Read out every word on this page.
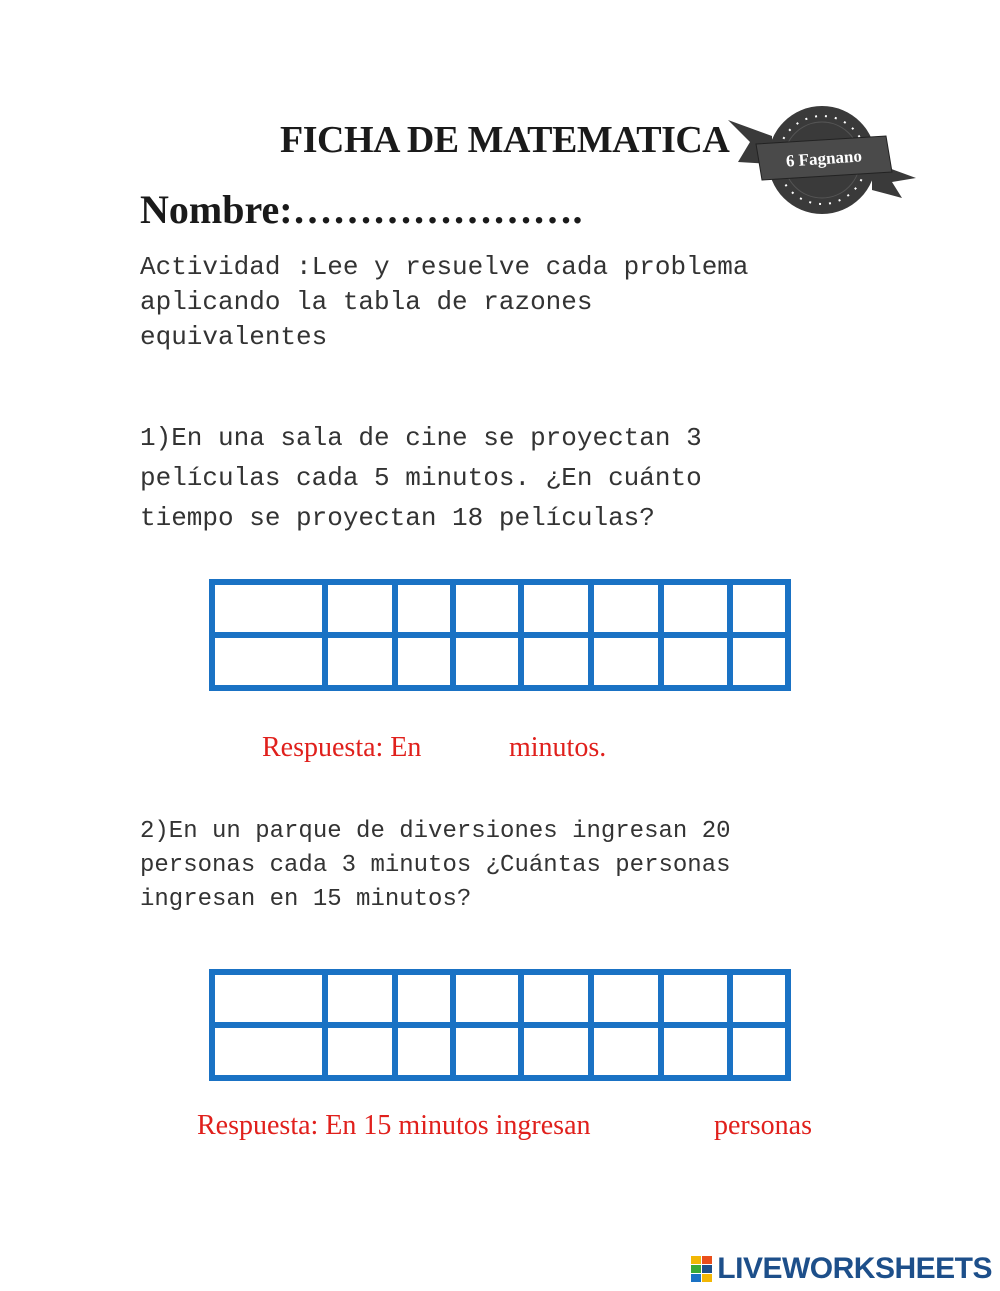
FICHA DE MATEMATICA	6 Fagnano
Nombre:………………….
Actividad :Lee y resuelve cada problema
aplicando la tabla de razones
equivalentes
1)En una sala de cine se proyectan 3
películas cada 5 minutos. ¿En cuánto
tiempo se proyectan 18 películas?
Respuesta: En	minutos.
2)En un parque de diversiones ingresan 20
personas cada 3 minutos ¿Cuántas personas
ingresan en 15 minutos?
Respuesta: En 15 minutos ingresan	personas
LIVEWORKSHEETS
